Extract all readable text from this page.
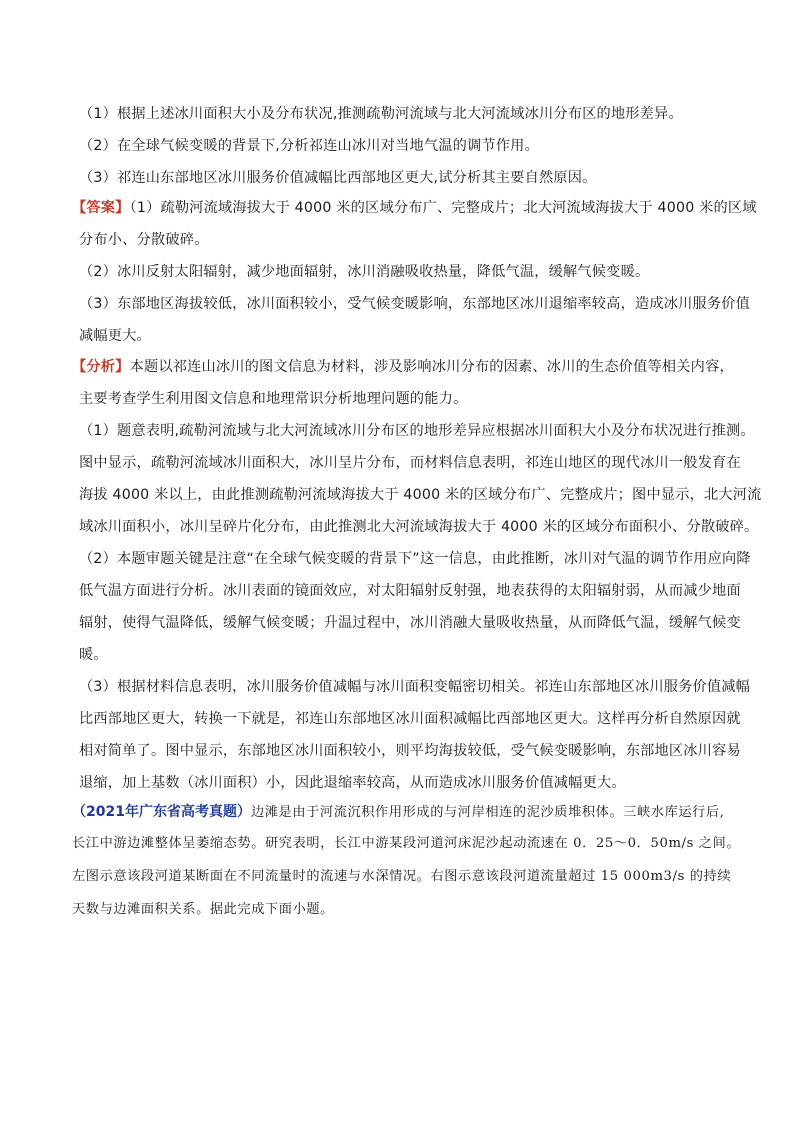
（1）根据上述冰川面积大小及分布状况,推测疏勒河流域与北大河流域冰川分布区的地形差异。
（2）在全球气候变暖的背景下,分析祁连山冰川对当地气温的调节作用。
（3）祁连山东部地区冰川服务价值减幅比西部地区更大,试分析其主要自然原因。
【答案】（1）疏勒河流域海拔大于 4000 米的区域分布广、完整成片；北大河流域海拔大于 4000 米的区域
分布小、分散破碎。
（2）冰川反射太阳辐射，减少地面辐射，冰川消融吸收热量，降低气温，缓解气候变暖。
（3）东部地区海拔较低，冰川面积较小，受气候变暖影响，东部地区冰川退缩率较高，造成冰川服务价值
减幅更大。
【分析】本题以祁连山冰川的图文信息为材料，涉及影响冰川分布的因素、冰川的生态价值等相关内容，
主要考查学生利用图文信息和地理常识分析地理问题的能力。
（1）题意表明,疏勒河流域与北大河流域冰川分布区的地形差异应根据冰川面积大小及分布状况进行推测。
图中显示，疏勒河流域冰川面积大，冰川呈片分布，而材料信息表明，祁连山地区的现代冰川一般发育在
海拔 4000 米以上，由此推测疏勒河流域海拔大于 4000 米的区域分布广、完整成片；图中显示，北大河流
域冰川面积小，冰川呈碎片化分布，由此推测北大河流域海拔大于 4000 米的区域分布面积小、分散破碎。
（2）本题审题关键是注意“在全球气候变暖的背景下”这一信息，由此推断，冰川对气温的调节作用应向降
低气温方面进行分析。冰川表面的镜面效应，对太阳辐射反射强，地表获得的太阳辐射弱，从而减少地面
辐射，使得气温降低，缓解气候变暖；升温过程中，冰川消融大量吸收热量，从而降低气温，缓解气候变
暖。
（3）根据材料信息表明，冰川服务价值减幅与冰川面积变幅密切相关。祁连山东部地区冰川服务价值减幅
比西部地区更大，转换一下就是，祁连山东部地区冰川面积减幅比西部地区更大。这样再分析自然原因就
相对简单了。图中显示，东部地区冰川面积较小，则平均海拔较低，受气候变暖影响，东部地区冰川容易
退缩，加上基数（冰川面积）小，因此退缩率较高，从而造成冰川服务价值减幅更大。
（2021年广东省高考真题）边滩是由于河流沉积作用形成的与河岸相连的泥沙质堆积体。三峡水库运行后,
长江中游边滩整体呈萎缩态势。研究表明，长江中游某段河道河床泥沙起动流速在 0．25～0．50m/s 之间。
左图示意该段河道某断面在不同流量时的流速与水深情况。右图示意该段河道流量超过 15 000m3/s 的持续
天数与边滩面积关系。据此完成下面小题。
